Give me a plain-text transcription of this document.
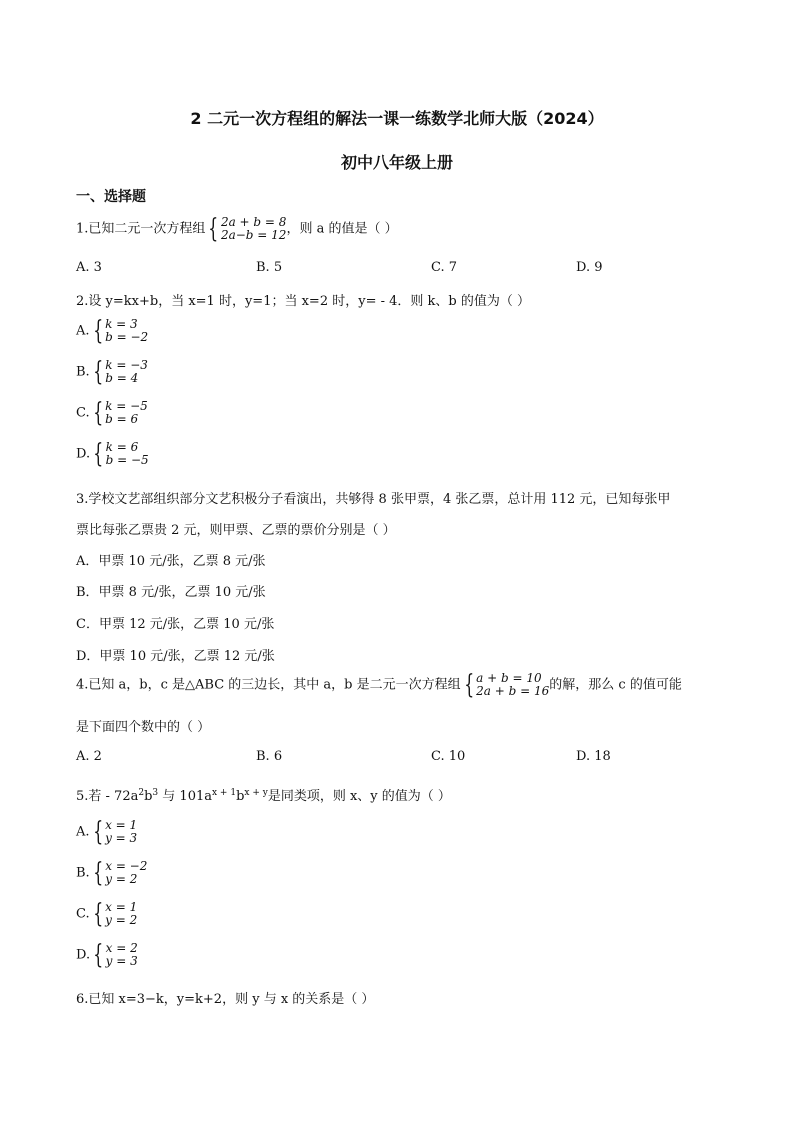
2 二元一次方程组的解法一课一练数学北师大版（2024）
初中八年级上册
一、选择题
1.已知二元一次方程组 { 2a + b = 8
2a−b = 12 ，则 a 的值是（ ）
A. 3	B. 5	C. 7	D. 9
2.设 y=kx+b，当 x=1 时，y=1；当 x=2 时，y= - 4．则 k、b 的值为（ ）
A. { k = 3
b = −2
B. { k = −3
b = 4
C. { k = −5
b = 6
D. { k = 6
b = −5
3.学校文艺部组织部分文艺积极分子看演出，共够得 8 张甲票，4 张乙票，总计用 112 元，已知每张甲
票比每张乙票贵 2 元，则甲票、乙票的票价分别是（ ）
A．甲票 10 元/张，乙票 8 元/张
B．甲票 8 元/张，乙票 10 元/张
C．甲票 12 元/张，乙票 10 元/张
D．甲票 10 元/张，乙票 12 元/张
4.已知 a，b，c 是△ABC 的三边长，其中 a，b 是二元一次方程组 { a + b = 10
2a + b = 16 的解，那么 c 的值可能
是下面四个数中的（ ）
A. 2	B. 6	C. 10	D. 18
5.若 - $72a^2b^3$ 与 $101a^{x + 1}b^{x + y}$是同类项，则 x、y 的值为（ ）
A. { x = 1
y = 3
B. { x = −2
y = 2
C. { x = 1
y = 2
D. { x = 2
y = 3
6.已知 x=3−k，y=k+2，则 y 与 x 的关系是（ ）
